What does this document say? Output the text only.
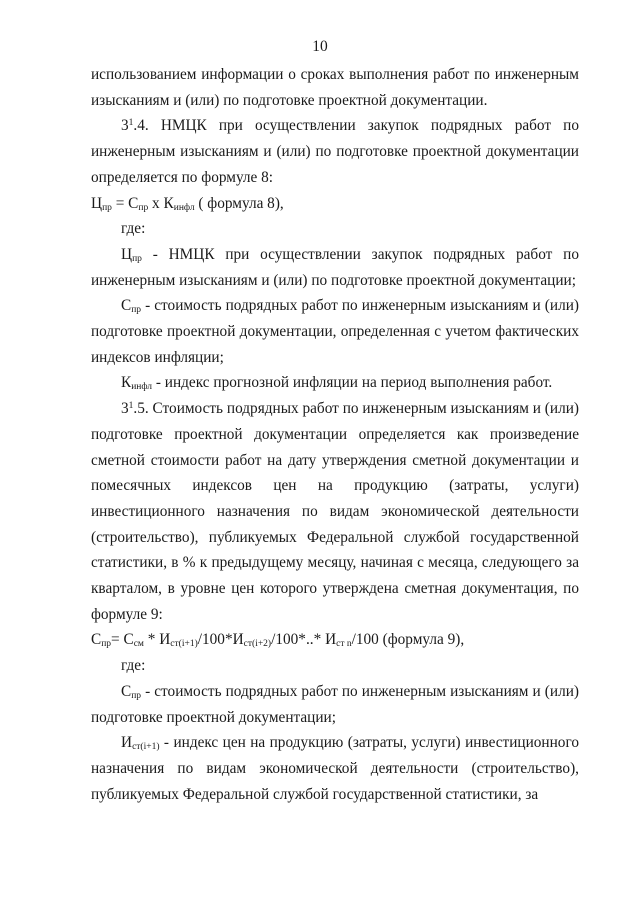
10

использованием информации о сроках выполнения работ по инженерным изысканиям и (или) по подготовке проектной документации.

$3^1.4$. НМЦК при осуществлении закупок подрядных работ по инженерным изысканиям и (или) по подготовке проектной документации определяется по формуле 8:

$Ц_{пр} = С_{пр}$ х $К_{инфл}$ ( формула 8),

где:

$Ц_{пр}$ - НМЦК при осуществлении закупок подрядных работ по инженерным изысканиям и (или) по подготовке проектной документации;

$С_{пр}$ - стоимость подрядных работ по инженерным изысканиям и (или) подготовке проектной документации, определенная с учетом фактических индексов инфляции;

$К_{инфл}$ - индекс прогнозной инфляции на период выполнения работ.

$3^1.5$. Стоимость подрядных работ по инженерным изысканиям и (или) подготовке проектной документации определяется как произведение сметной стоимости работ на дату утверждения сметной документации и помесячных индексов цен на продукцию (затраты, услуги) инвестиционного назначения по видам экономической деятельности (строительство), публикуемых Федеральной службой государственной статистики, в % к предыдущему месяцу, начиная с месяца, следующего за кварталом, в уровне цен которого утверждена сметная документация, по формуле 9:

$С_{пр}= С_{см} * И_{ст(i+1)}/100*И_{ст(i+2)}/100*..*$ $И_{ст n}/100$ (формула 9),

где:

$С_{пр}$ - стоимость подрядных работ по инженерным изысканиям и (или) подготовке проектной документации;

$И_{ст(i+1)}$ - индекс цен на продукцию (затраты, услуги) инвестиционного назначения по видам экономической деятельности (строительство), публикуемых Федеральной службой государственной статистики, за
